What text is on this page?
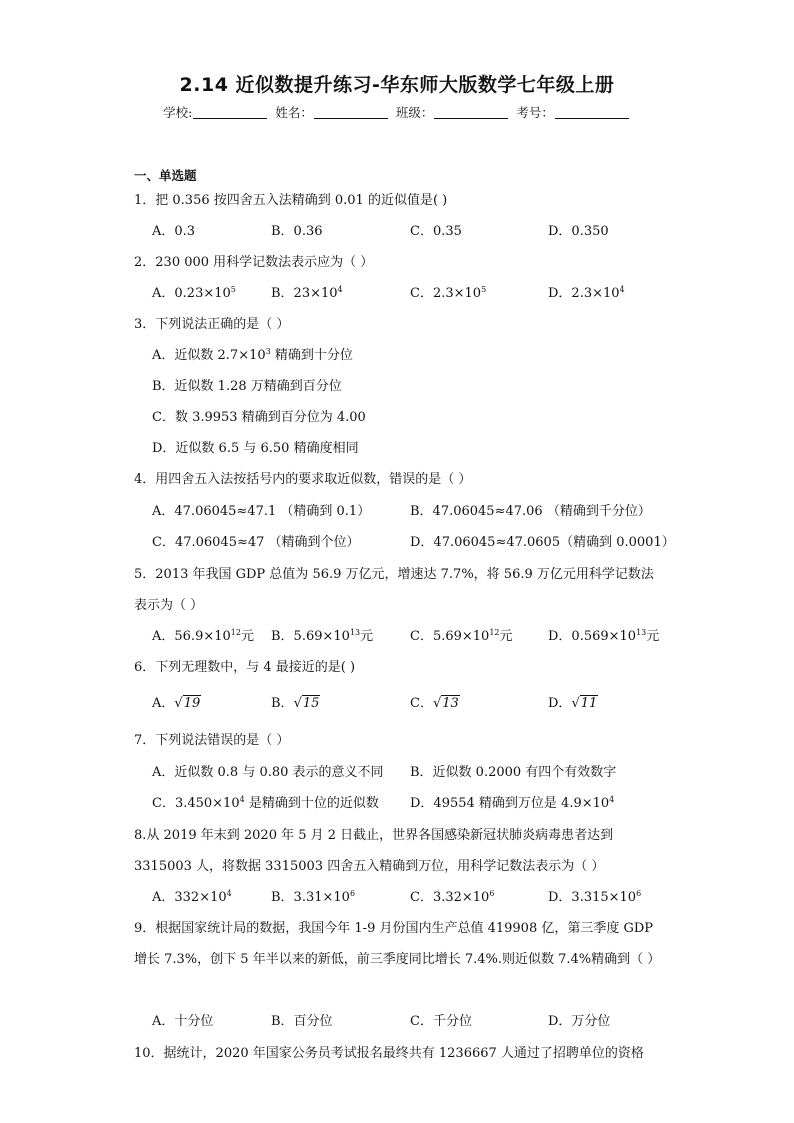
2.14 近似数提升练习-华东师大版数学七年级上册
学校:	姓名：	班级：	考号：
一、单选题
1．把 0.356 按四舍五入法精确到 0.01 的近似值是( )
A．0.3	B．0.36	C．0.35	D．0.350
2．230 000 用科学记数法表示应为（ ）
A．$0.23\times 10^5$	B．$23\times 10^4$	C．$2.3\times 10^5$	D．$2.3\times 10^4$
3．下列说法正确的是（ ）
A．近似数 $2.7\times 10^3$ 精确到十分位
B．近似数 1.28 万精确到百分位
C．数 3.9953 精确到百分位为 4.00
D．近似数 6.5 与 6.50 精确度相同
4．用四舍五入法按括号内的要求取近似数，错误的是（ ）
A．47.06045≈47.1 （精确到 0.1）	B．47.06045≈47.06 （精确到千分位）
C．47.06045≈47 （精确到个位）	D．47.06045≈47.0605（精确到 0.0001）
5．2013 年我国 GDP 总值为 56.9 万亿元，增速达 7.7%，将 56.9 万亿元用科学记数法表示为（ ）
A．$56.9\times 10^{12}$元 B．$5.69\times 10^{13}$元	C．$5.69\times 10^{12}$元	D．$0.569\times 10^{13}$元
6．下列无理数中，与 4 最接近的是( )
A．√19	B．√15	C．√13	D．√11
7．下列说法错误的是（ ）
A．近似数 0.8 与 0.80 表示的意义不同 B．近似数 0.2000 有四个有效数字
C．$3.450\times 10^4$ 是精确到十位的近似数 D．49554 精确到万位是 $4.9\times 10^4$
8.从 2019 年末到 2020 年 5 月 2 日截止，世界各国感染新冠状肺炎病毒患者达到 3315003 人，将数据 3315003 四舍五入精确到万位，用科学记数法表示为（ ）
A．$332\times 10^4$	B．$3.31\times 10^6$	C．$3.32\times 10^6$	D．$3.315\times 10^6$
9．根据国家统计局的数据，我国今年 1-9 月份国内生产总值 419908 亿，第三季度 GDP 增长 7.3%，创下 5 年半以来的新低，前三季度同比增长 7.4%.则近似数 7.4%精确到（ ）
A．十分位	B．百分位	C．千分位	D．万分位
10．据统计，2020 年国家公务员考试报名最终共有 1236667 人通过了招聘单位的资格
